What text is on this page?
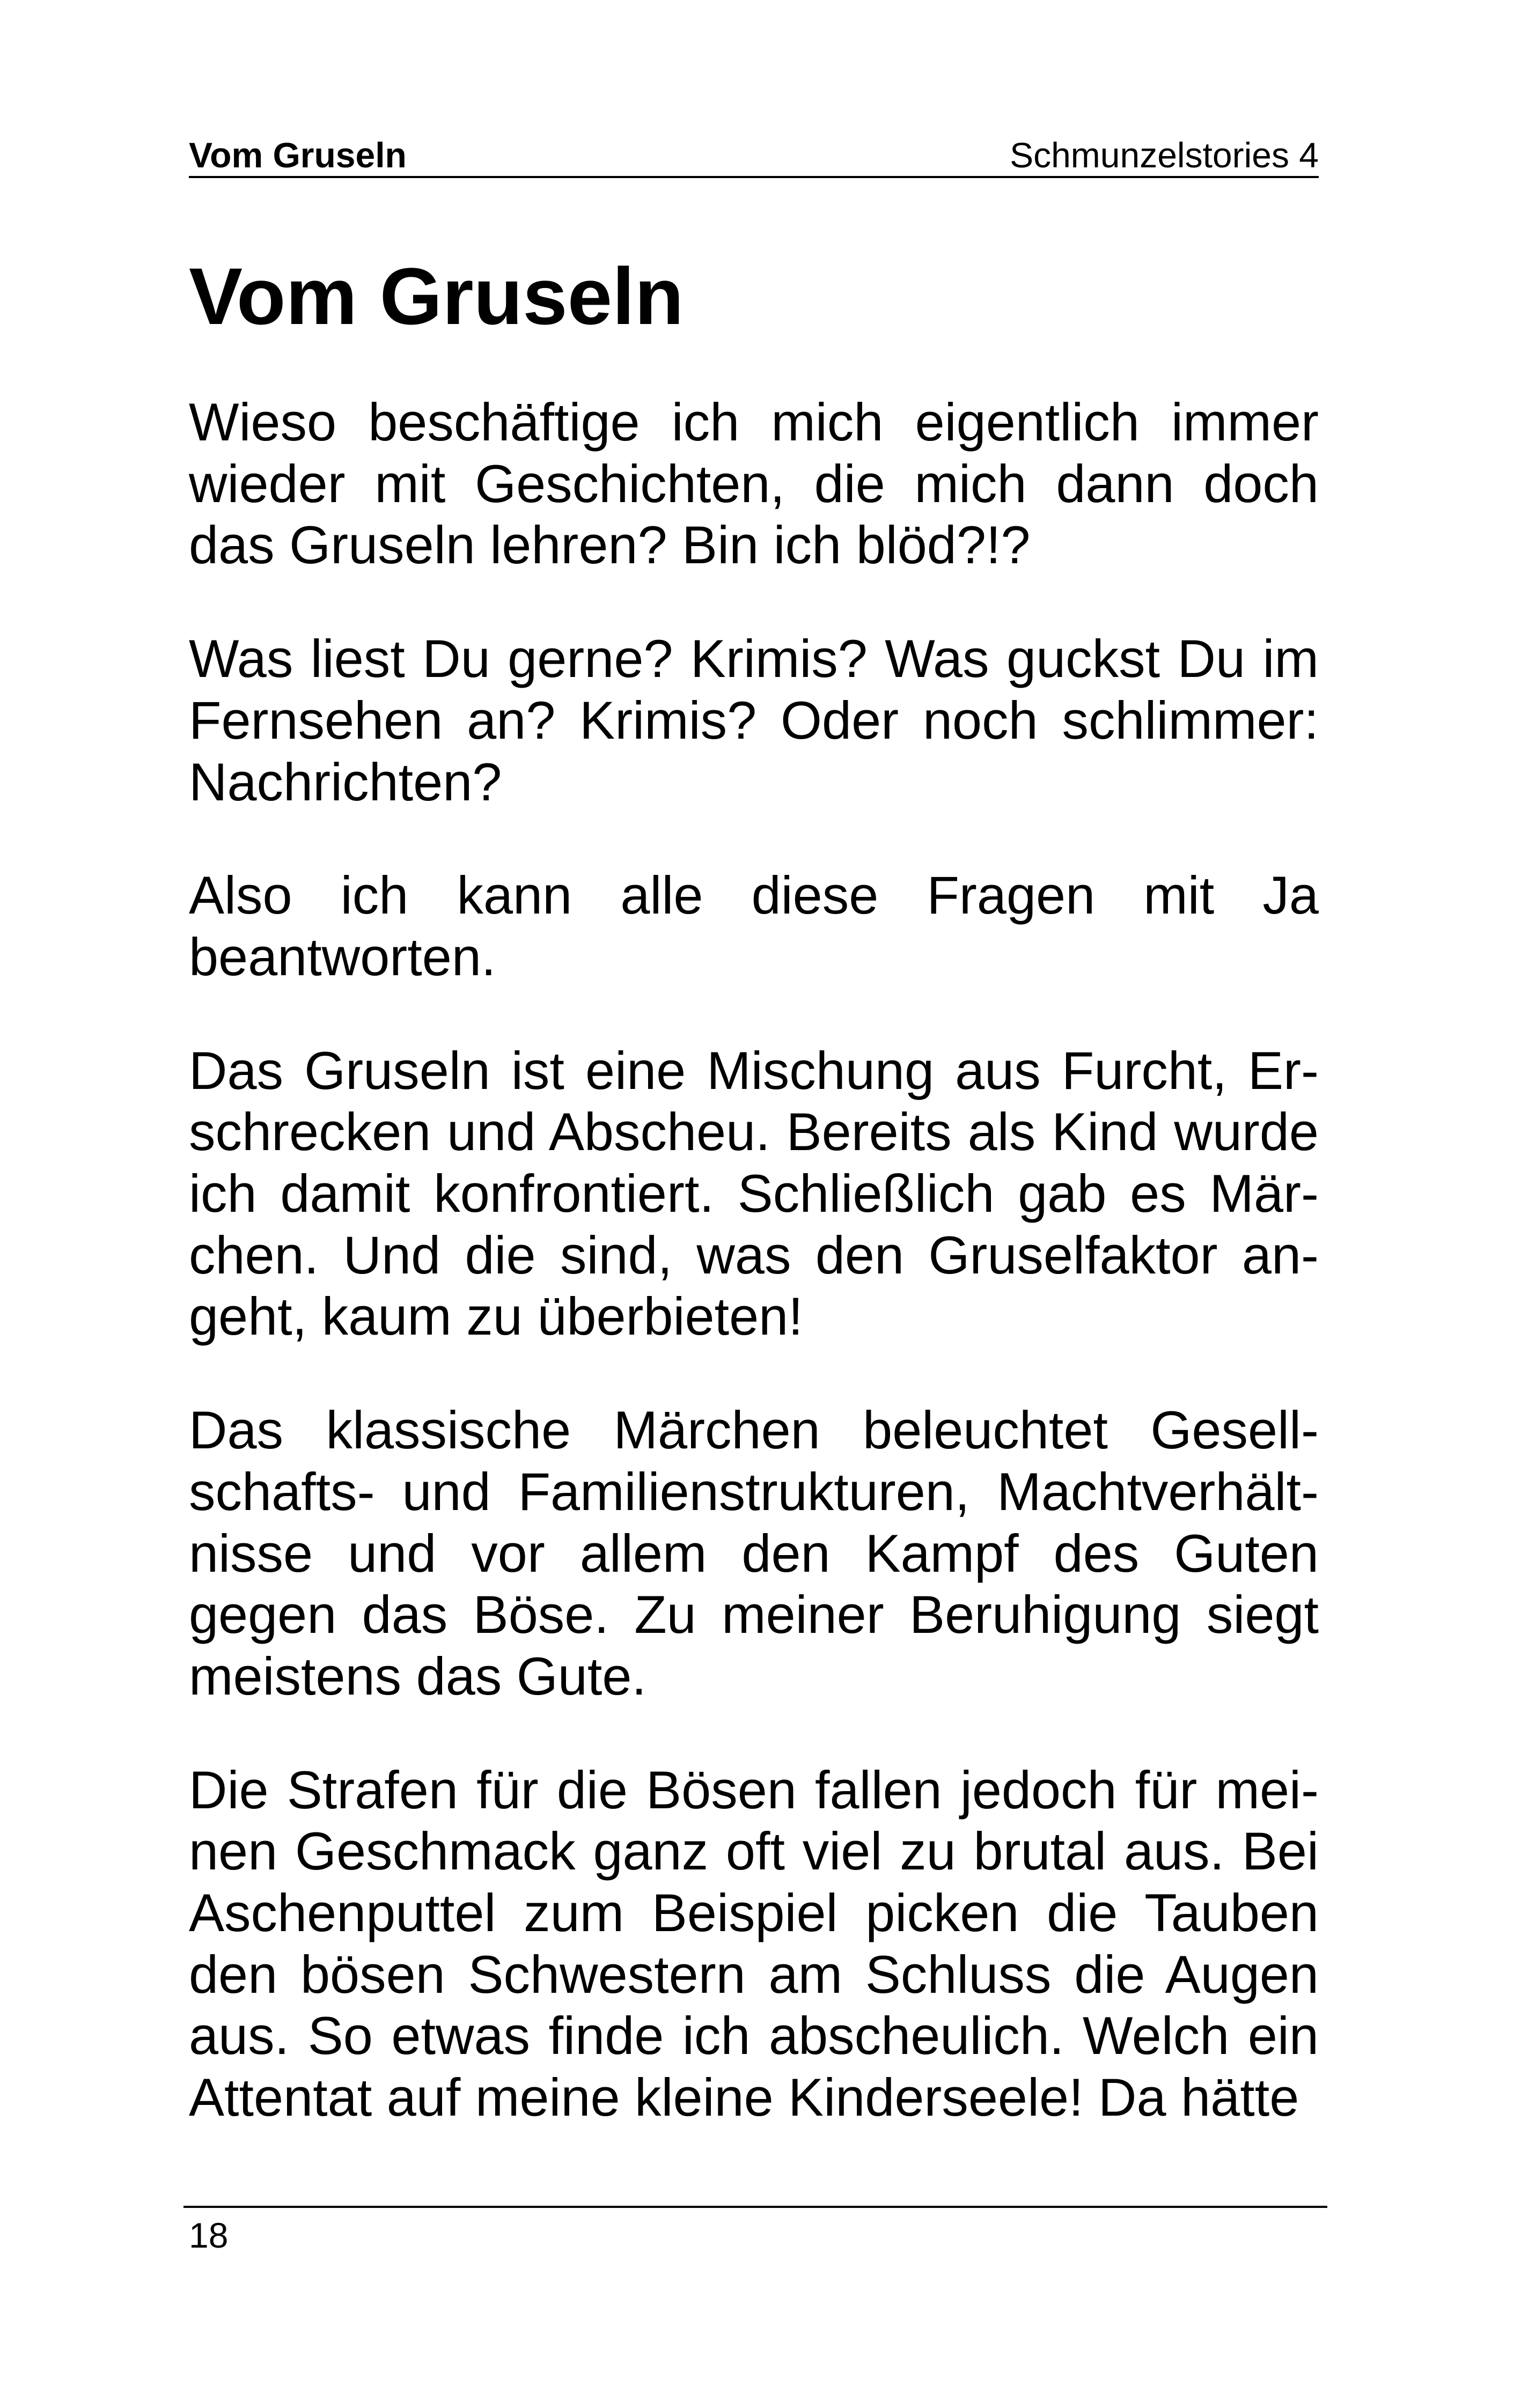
Vom Gruseln	Schmunzelstories 4
Vom Gruseln

Wieso beschäftige ich mich eigentlich immer wieder mit Geschichten, die mich dann doch das Gruseln lehren? Bin ich blöd?!?

Was liest Du gerne? Krimis? Was guckst Du im Fernsehen an? Krimis? Oder noch schlimmer: Nachrichten?

Also ich kann alle diese Fragen mit Ja beantworten.

Das Gruseln ist eine Mischung aus Furcht, Erschrecken und Abscheu. Bereits als Kind wurde ich damit konfrontiert. Schließlich gab es Märchen. Und die sind, was den Gruselfaktor angeht, kaum zu überbieten!

Das klassische Märchen beleuchtet Gesellschafts- und Familienstrukturen, Machtverhältnisse und vor allem den Kampf des Guten gegen das Böse. Zu meiner Beruhigung siegt meistens das Gute.

Die Strafen für die Bösen fallen jedoch für meinen Geschmack ganz oft viel zu brutal aus. Bei Aschenputtel zum Beispiel picken die Tauben den bösen Schwestern am Schluss die Augen aus. So etwas finde ich abscheulich. Welch ein Attentat auf meine kleine Kinderseele! Da hätte

18
